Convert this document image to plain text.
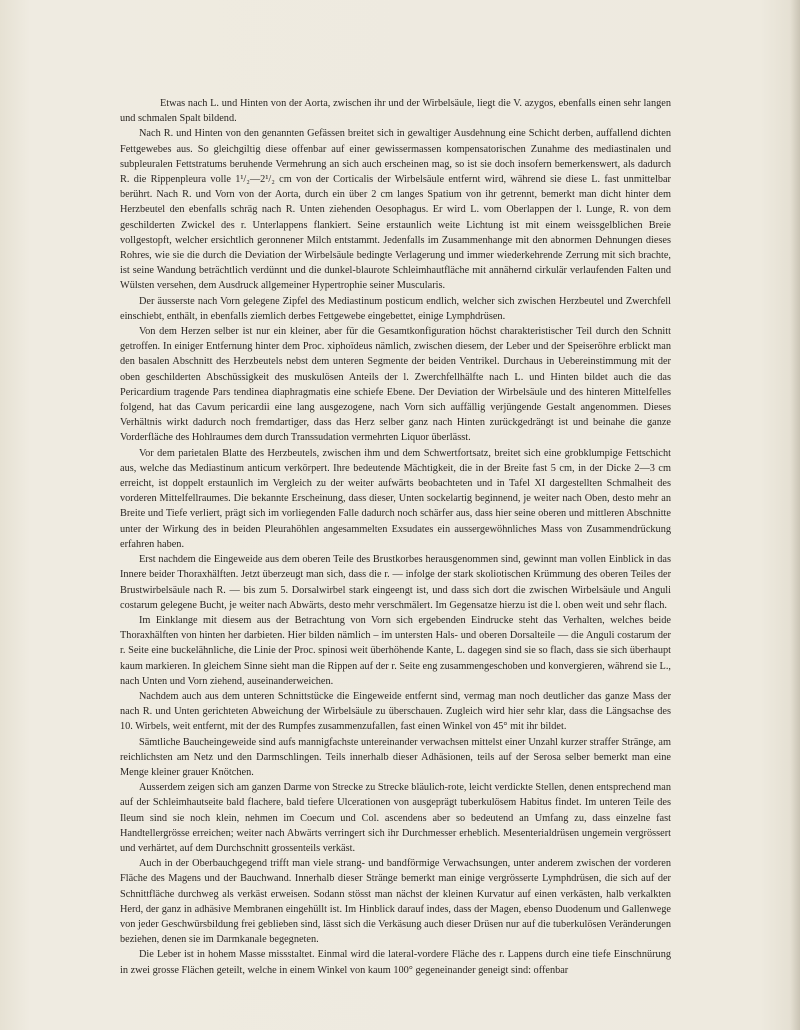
Etwas nach L. und Hinten von der Aorta, zwischen ihr und der Wirbelsäule, liegt die V. azygos, ebenfalls einen sehr langen und schmalen Spalt bildend.

Nach R. und Hinten von den genannten Gefässen breitet sich in gewaltiger Ausdehnung eine Schicht derben, auffallend dichten Fettgewebes aus. So gleichgiltig diese offenbar auf einer gewissermassen kompensatorischen Zunahme des mediastinalen und subpleuralen Fettstratums beruhende Vermehrung an sich auch erscheinen mag, so ist sie doch insofern bemerkenswert, als dadurch R. die Rippenpleura volle 1¹/₂—2¹/₂ cm von der Corticalis der Wirbelsäule entfernt wird, während sie diese L. fast unmittelbar berührt. Nach R. und Vorn von der Aorta, durch ein über 2 cm langes Spatium von ihr getrennt, bemerkt man dicht hinter dem Herzbeutel den ebenfalls schräg nach R. Unten ziehenden Oesophagus. Er wird L. vom Oberlappen der l. Lunge, R. von dem geschilderten Zwickel des r. Unterlappens flankiert. Seine erstaunlich weite Lichtung ist mit einem weissgelblichen Breie vollgestopft, welcher ersichtlich geronnener Milch entstammt. Jedenfalls im Zusammenhange mit den abnormen Dehnungen dieses Rohres, wie sie die durch die Deviation der Wirbelsäule bedingte Verlagerung und immer wiederkehrende Zerrung mit sich brachte, ist seine Wandung beträchtlich verdünnt und die dunkel-blaurote Schleimhautfläche mit annähernd cirkulär verlaufenden Falten und Wülsten versehen, dem Ausdruck allgemeiner Hypertrophie seiner Muscularis.

Der äusserste nach Vorn gelegene Zipfel des Mediastinum posticum endlich, welcher sich zwischen Herzbeutel und Zwerchfell einschiebt, enthält, in ebenfalls ziemlich derbes Fettgewebe eingebettet, einige Lymphdrüsen.

Von dem Herzen selber ist nur ein kleiner, aber für die Gesamtkonfiguration höchst charakteristischer Teil durch den Schnitt getroffen. In einiger Entfernung hinter dem Proc. xiphoïdeus nämlich, zwischen diesem, der Leber und der Speiseröhre erblickt man den basalen Abschnitt des Herzbeutels nebst dem unteren Segmente der beiden Ventrikel. Durchaus in Uebereinstimmung mit der oben geschilderten Abschüssigkeit des muskulösen Anteils der l. Zwerchfellhälfte nach L. und Hinten bildet auch die das Pericardium tragende Pars tendinea diaphragmatis eine schiefe Ebene. Der Deviation der Wirbelsäule und des hinteren Mittelfelles folgend, hat das Cavum pericardii eine lang ausgezogene, nach Vorn sich auffällig verjüngende Gestalt angenommen. Dieses Verhältnis wirkt dadurch noch fremdartiger, dass das Herz selber ganz nach Hinten zurückgedrängt ist und beinahe die ganze Vorderfläche des Hohlraumes dem durch Transsudation vermehrten Liquor überlässt.

Vor dem parietalen Blatte des Herzbeutels, zwischen ihm und dem Schwertfortsatz, breitet sich eine grobklumpige Fettschicht aus, welche das Mediastinum anticum verkörpert. Ihre bedeutende Mächtigkeit, die in der Breite fast 5 cm, in der Dicke 2—3 cm erreicht, ist doppelt erstaunlich im Vergleich zu der weiter aufwärts beobachteten und in Tafel XI dargestellten Schmalheit des vorderen Mittelfellraumes. Die bekannte Erscheinung, dass dieser, Unten sockelartig beginnend, je weiter nach Oben, desto mehr an Breite und Tiefe verliert, prägt sich im vorliegenden Falle dadurch noch schärfer aus, dass hier seine oberen und mittleren Abschnitte unter der Wirkung des in beiden Pleurahöhlen angesammelten Exsudates ein aussergewöhnliches Mass von Zusammendrückung erfahren haben.

Erst nachdem die Eingeweide aus dem oberen Teile des Brustkorbes herausgenommen sind, gewinnt man vollen Einblick in das Innere beider Thoraxhälften. Jetzt überzeugt man sich, dass die r. — infolge der stark skoliotischen Krümmung des oberen Teiles der Brustwirbelsäule nach R. — bis zum 5. Dorsalwirbel stark eingeengt ist, und dass sich dort die zwischen Wirbelsäule und Anguli costarum gelegene Bucht, je weiter nach Abwärts, desto mehr verschmälert. Im Gegensatze hierzu ist die l. oben weit und sehr flach.

Im Einklange mit diesem aus der Betrachtung von Vorn sich ergebenden Eindrucke steht das Verhalten, welches beide Thoraxhälften von hinten her darbieten. Hier bilden nämlich – im untersten Hals- und oberen Dorsalteile — die Anguli costarum der r. Seite eine buckelähnliche, die Linie der Proc. spinosi weit überhöhende Kante, L. dagegen sind sie so flach, dass sie sich überhaupt kaum markieren. In gleichem Sinne sieht man die Rippen auf der r. Seite eng zusammengeschoben und konvergieren, während sie L., nach Unten und Vorn ziehend, auseinanderweichen.

Nachdem auch aus dem unteren Schnittstücke die Eingeweide entfernt sind, vermag man noch deutlicher das ganze Mass der nach R. und Unten gerichteten Abweichung der Wirbelsäule zu überschauen. Zugleich wird hier sehr klar, dass die Längsachse des 10. Wirbels, weit entfernt, mit der des Rumpfes zusammenzufallen, fast einen Winkel von 45° mit ihr bildet.

Sämtliche Baucheingeweide sind aufs mannigfachste untereinander verwachsen mittelst einer Unzahl kurzer straffer Stränge, am reichlichsten am Netz und den Darmschlingen. Teils innerhalb dieser Adhäsionen, teils auf der Serosa selber bemerkt man eine Menge kleiner grauer Knötchen.

Ausserdem zeigen sich am ganzen Darme von Strecke zu Strecke bläulich-rote, leicht verdickte Stellen, denen entsprechend man auf der Schleimhautseite bald flachere, bald tiefere Ulcerationen von ausgeprägt tuberkulösem Habitus findet. Im unteren Teile des Ileum sind sie noch klein, nehmen im Coecum und Col. ascendens aber so bedeutend an Umfang zu, dass einzelne fast Handtellergrösse erreichen; weiter nach Abwärts verringert sich ihr Durchmesser erheblich. Mesenterialdrüsen ungemein vergrössert und verhärtet, auf dem Durchschnitt grossenteils verkäst.

Auch in der Oberbauchgegend trifft man viele strang- und bandförmige Verwachsungen, unter anderem zwischen der vorderen Fläche des Magens und der Bauchwand. Innerhalb dieser Stränge bemerkt man einige vergrösserte Lymphdrüsen, die sich auf der Schnittfläche durchweg als verkäst erweisen. Sodann stösst man nächst der kleinen Kurvatur auf einen verkästen, halb verkalkten Herd, der ganz in adhäsive Membranen eingehüllt ist. Im Hinblick darauf indes, dass der Magen, ebenso Duodenum und Gallenwege von jeder Geschwürsbildung frei geblieben sind, lässt sich die Verkäsung auch dieser Drüsen nur auf die tuberkulösen Veränderungen beziehen, denen sie im Darmkanale begegneten.

Die Leber ist in hohem Masse missstaltet. Einmal wird die lateral-vordere Fläche des r. Lappens durch eine tiefe Einschnürung in zwei grosse Flächen geteilt, welche in einem Winkel von kaum 100° gegeneinander geneigt sind: offenbar
